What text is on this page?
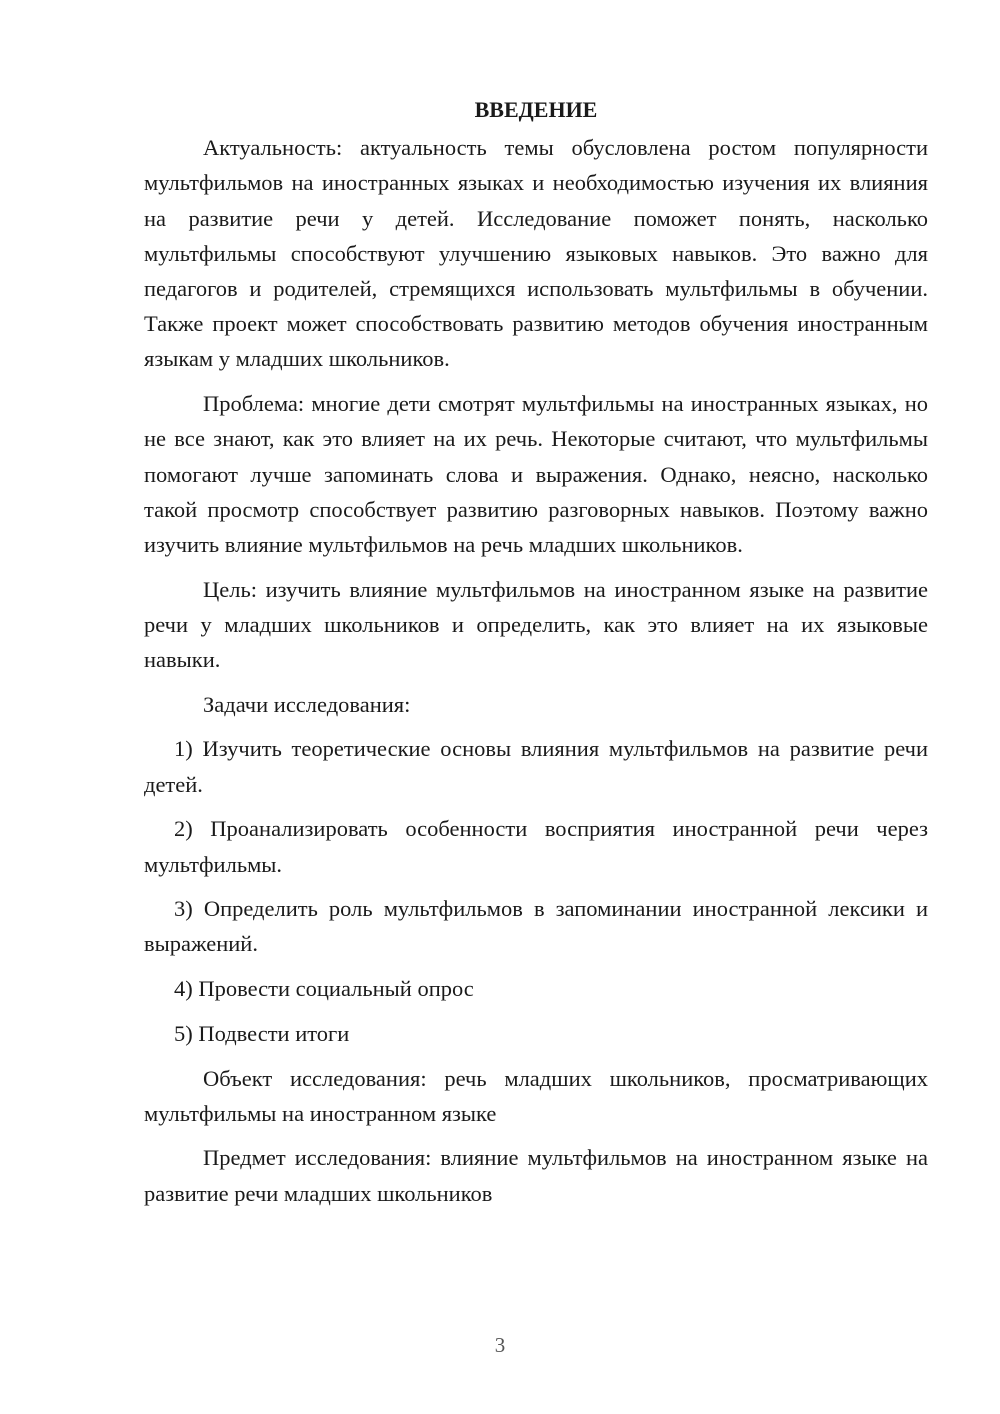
ВВЕДЕНИЕ

Актуальность: актуальность темы обусловлена ростом популярности мультфильмов на иностранных языках и необходимостью изучения их влияния на развитие речи у детей. Исследование поможет понять, насколько мультфильмы способствуют улучшению языковых навыков. Это важно для педагогов и родителей, стремящихся использовать мультфильмы в обучении. Также проект может способствовать развитию методов обучения иностранным языкам у младших школьников.

Проблема: многие дети смотрят мультфильмы на иностранных языках, но не все знают, как это влияет на их речь. Некоторые считают, что мультфильмы помогают лучше запоминать слова и выражения. Однако, неясно, насколько такой просмотр способствует развитию разговорных навыков. Поэтому важно изучить влияние мультфильмов на речь младших школьников.

Цель: изучить влияние мультфильмов на иностранном языке на развитие речи у младших школьников и определить, как это влияет на их языковые навыки.

Задачи исследования:

1) Изучить теоретические основы влияния мультфильмов на развитие речи детей.

2) Проанализировать особенности восприятия иностранной речи через мультфильмы.

3) Определить роль мультфильмов в запоминании иностранной лексики и выражений.

4) Провести социальный опрос

5) Подвести итоги

Объект исследования: речь младших школьников, просматривающих мультфильмы на иностранном языке

Предмет исследования: влияние мультфильмов на иностранном языке на развитие речи младших школьников

3
